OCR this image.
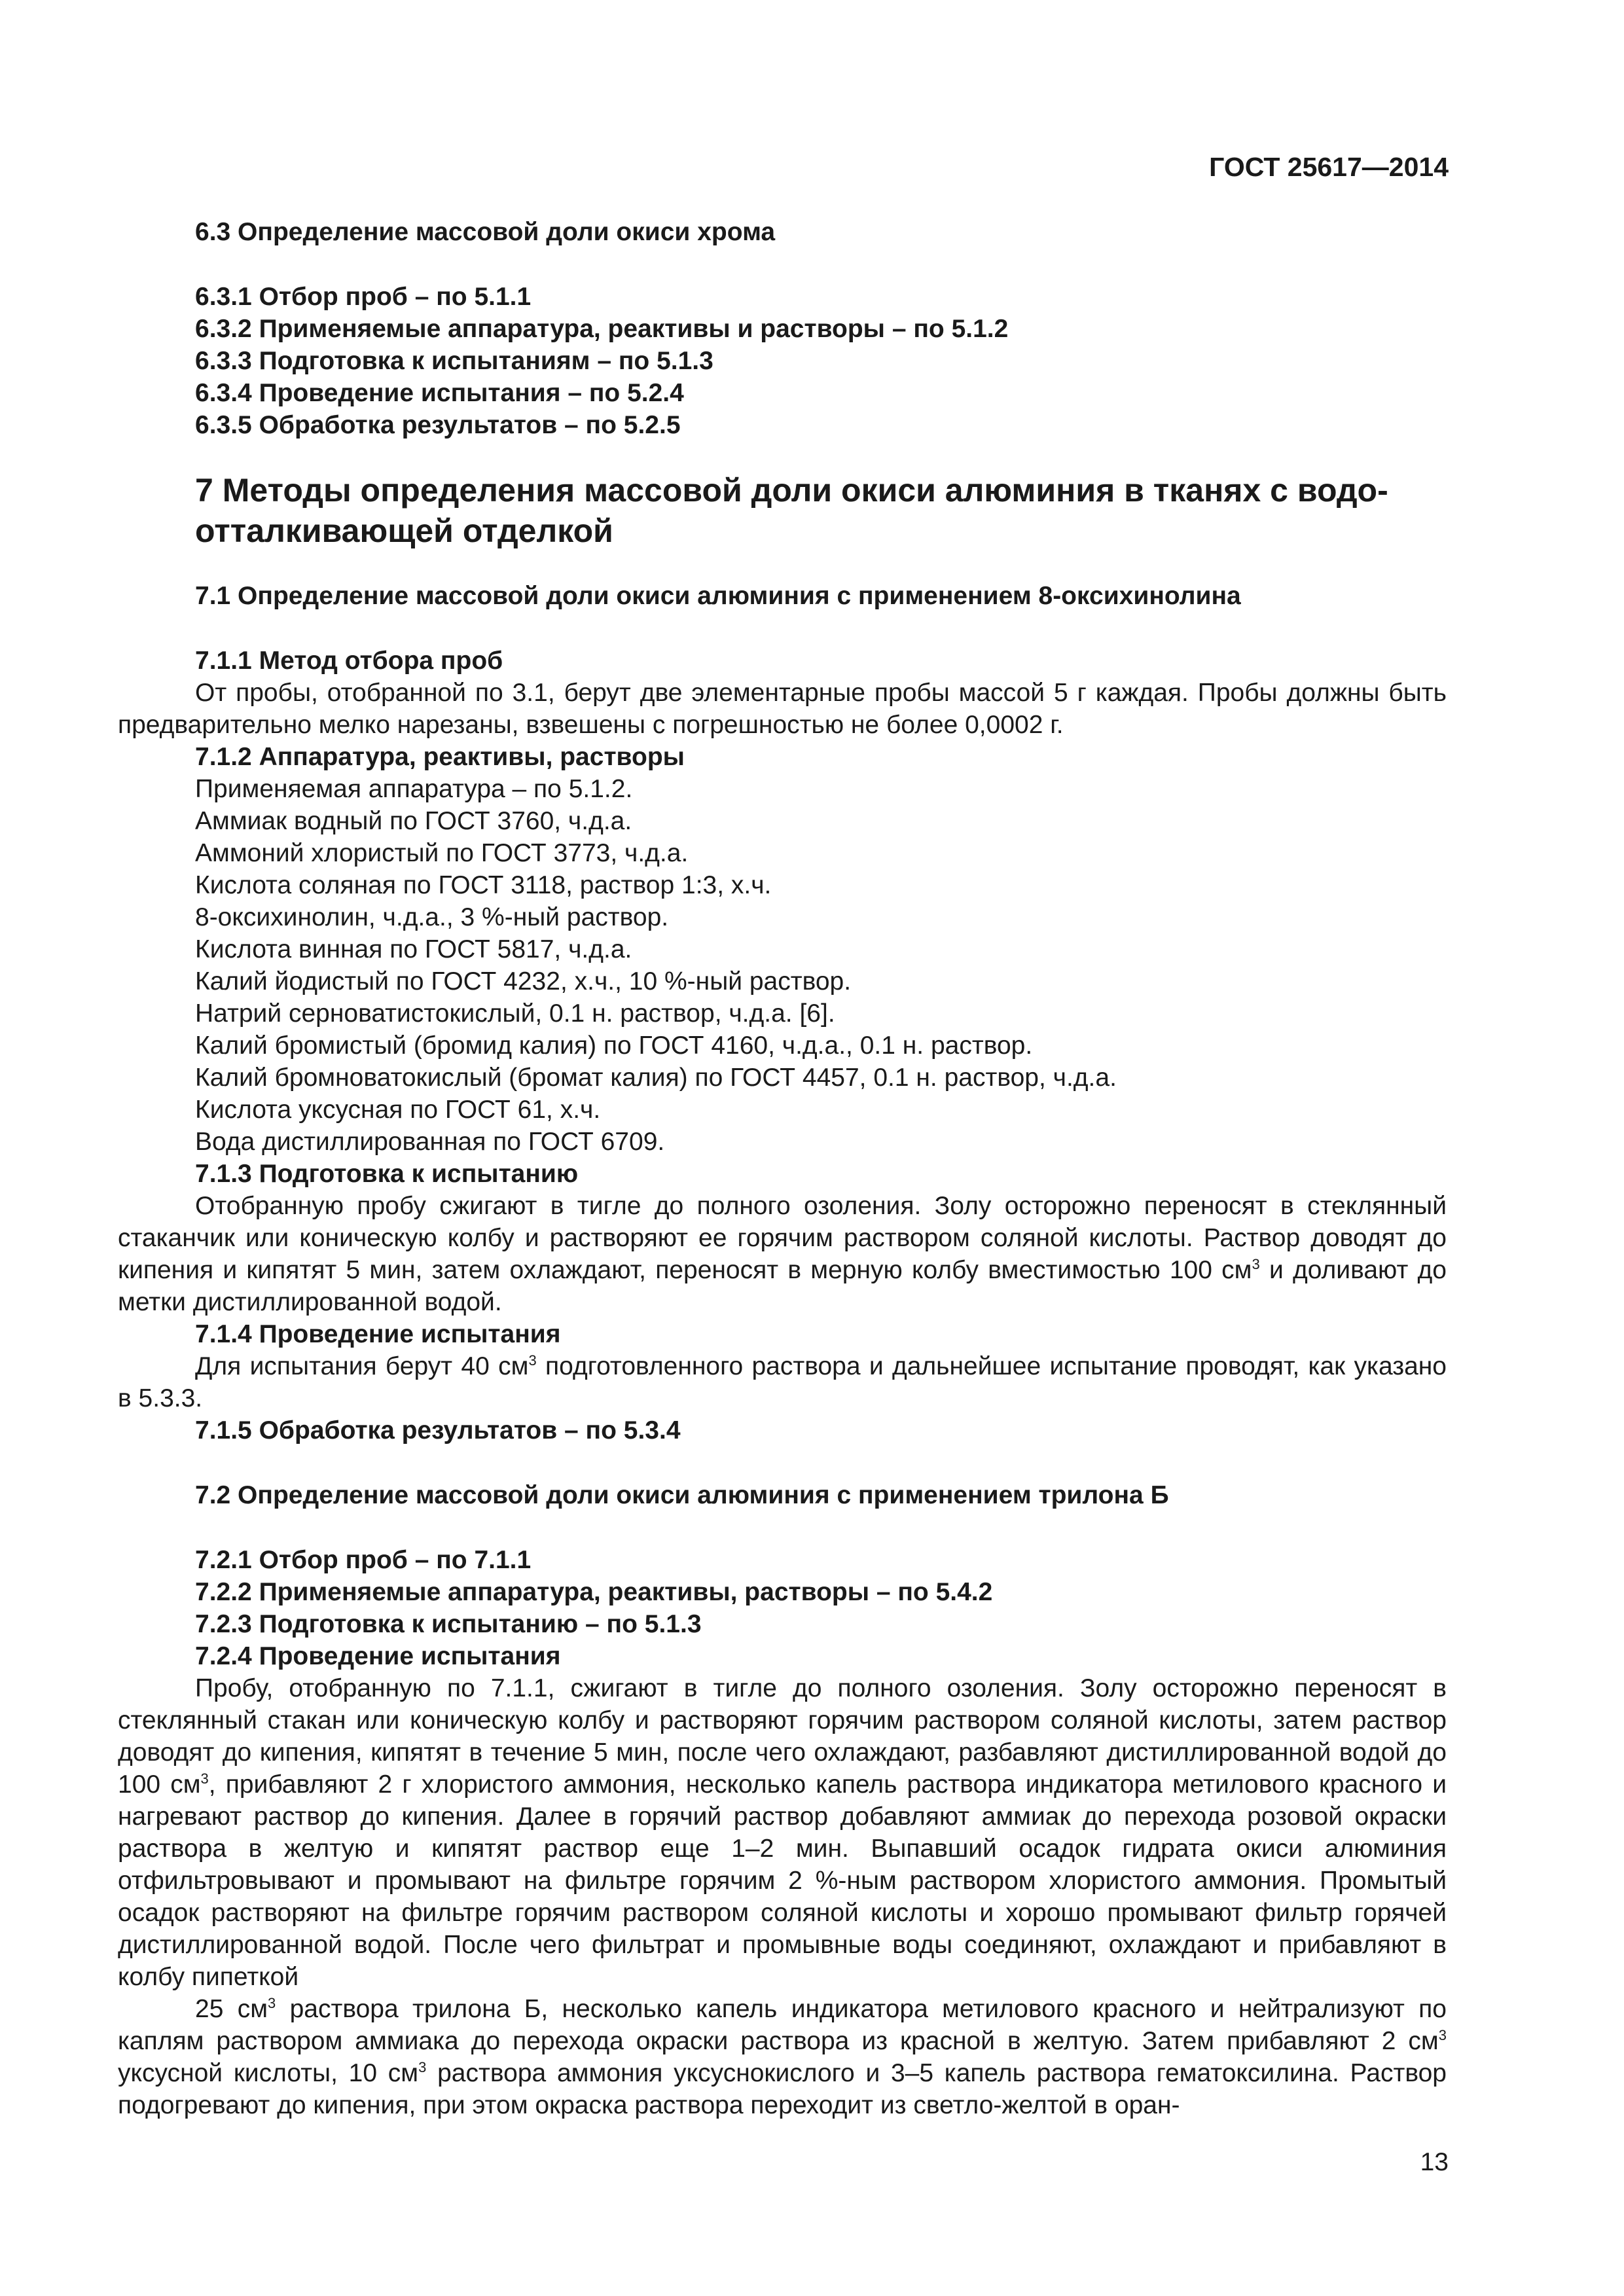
ГОСТ 25617—2014
6.3 Определение массовой доли окиси хрома
6.3.1 Отбор проб – по 5.1.1
6.3.2 Применяемые аппаратура, реактивы и растворы – по 5.1.2
6.3.3 Подготовка к испытаниям – по 5.1.3
6.3.4 Проведение испытания – по 5.2.4
6.3.5 Обработка результатов – по 5.2.5
7 Методы определения массовой доли окиси алюминия в тканях с водо-
отталкивающей отделкой
7.1 Определение массовой доли окиси алюминия с применением 8-оксихинолина
7.1.1 Метод отбора проб

От пробы, отобранной по 3.1, берут две элементарные пробы массой 5 г каждая. Пробы должны быть предварительно мелко нарезаны, взвешены с погрешностью не более 0,0002 г.

7.1.2 Аппаратура, реактивы, растворы
Применяемая аппаратура – по 5.1.2.
Аммиак водный по ГОСТ 3760, ч.д.а.
Аммоний хлористый по ГОСТ 3773, ч.д.а.
Кислота соляная по ГОСТ 3118, раствор 1:3, х.ч.
8-оксихинолин, ч.д.а., 3 %-ный раствор.
Кислота винная по ГОСТ 5817, ч.д.а.
Калий йодистый по ГОСТ 4232, х.ч., 10 %-ный раствор.
Натрий серноватистокислый, 0.1 н. раствор, ч.д.а. [6].
Калий бромистый (бромид калия) по ГОСТ 4160, ч.д.а., 0.1 н. раствор.
Калий бромноватокислый (бромат калия) по ГОСТ 4457, 0.1 н. раствор, ч.д.а.
Кислота уксусная по ГОСТ 61, х.ч.
Вода дистиллированная по ГОСТ 6709.
7.1.3 Подготовка к испытанию

Отобранную пробу сжигают в тигле до полного озоления. Золу осторожно переносят в стеклянный стаканчик или коническую колбу и растворяют ее горячим раствором соляной кислоты. Раствор доводят до кипения и кипятят 5 мин, затем охлаждают, переносят в мерную колбу вместимостью 100 $см^3$ и доливают до метки дистиллированной водой.

7.1.4 Проведение испытания

Для испытания берут 40 $см^3$ подготовленного раствора и дальнейшее испытание проводят, как указано в 5.3.3.

7.1.5 Обработка результатов – по 5.3.4
7.2 Определение массовой доли окиси алюминия с применением трилона Б
7.2.1 Отбор проб – по 7.1.1
7.2.2 Применяемые аппаратура, реактивы, растворы – по 5.4.2
7.2.3 Подготовка к испытанию – по 5.1.3
7.2.4 Проведение испытания

Пробу, отобранную по 7.1.1, сжигают в тигле до полного озоления. Золу осторожно переносят в стеклянный стакан или коническую колбу и растворяют горячим раствором соляной кислоты, затем раствор доводят до кипения, кипятят в течение 5 мин, после чего охлаждают, разбавляют дистиллированной водой до 100 $см^3$, прибавляют 2 г хлористого аммония, несколько капель раствора индикатора метилового красного и нагревают раствор до кипения. Далее в горячий раствор добавляют аммиак до перехода розовой окраски раствора в желтую и кипятят раствор еще 1–2 мин. Выпавший осадок гидрата окиси алюминия отфильтровывают и промывают на фильтре горячим 2 %-ным раствором хлористого аммония. Промытый осадок растворяют на фильтре горячим раствором соляной кислоты и хорошо промывают фильтр горячей дистиллированной водой. После чего фильтрат и промывные воды соединяют, охлаждают и прибавляют в колбу пипеткой

25 $см^3$ раствора трилона Б, несколько капель индикатора метилового красного и нейтрализуют по каплям раствором аммиака до перехода окраски раствора из красной в желтую. Затем прибавляют 2 $см^3$ уксусной кислоты, 10 $см^3$ раствора аммония уксуснокислого и 3–5 капель раствора гематоксилина. Раствор подогревают до кипения, при этом окраска раствора переходит из светло-желтой в оран-

13
